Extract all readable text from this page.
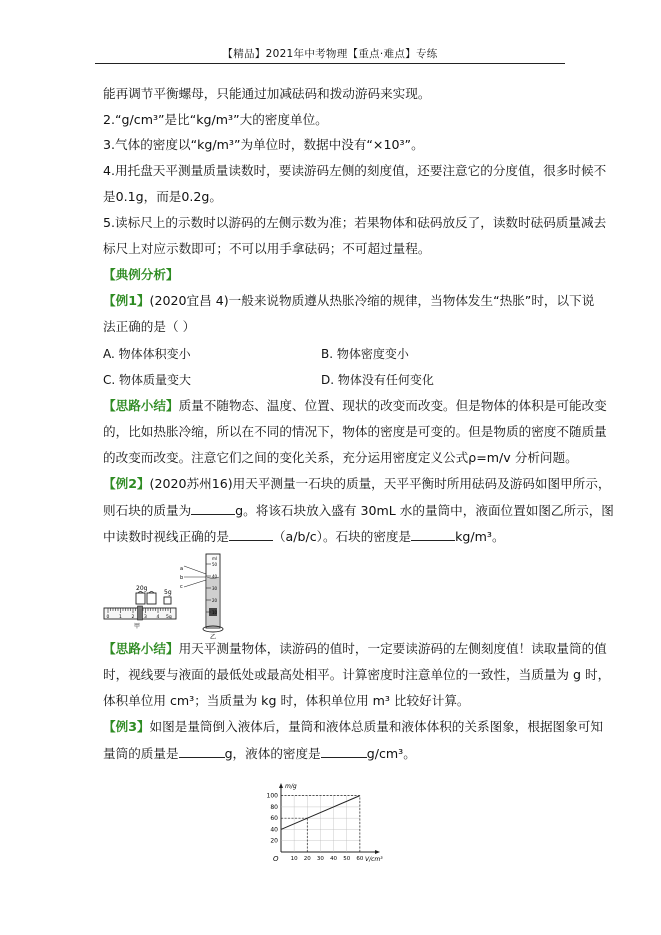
【精品】2021年中考物理【重点·难点】专练
能再调节平衡螺母，只能通过加减砝码和拨动游码来实现。
2.“g/cm³”是比“kg/m³”大的密度单位。
3.气体的密度以“kg/m³”为单位时，数据中没有“×10³”。
4.用托盘天平测量质量读数时，要读游码左侧的刻度值，还要注意它的分度值，很多时候不
是0.1g，而是0.2g。
5.读标尺上的示数时以游码的左侧示数为准；若果物体和砝码放反了，读数时砝码质量减去
标尺上对应示数即可；不可以用手拿砝码；不可超过量程。
【典例分析】
【例1】(2020宜昌 4)一般来说物质遵从热胀冷缩的规律，当物体发生“热胀”时，以下说
法正确的是（ ）
A. 物体体积变小	B. 物体密度变小
C. 物体质量变大	D. 物体没有任何变化
【思路小结】质量不随物态、温度、位置、现状的改变而改变。但是物体的体积是可能改变
的，比如热胀冷缩，所以在不同的情况下，物体的密度是可变的。但是物质的密度不随质量
的改变而改变。注意它们之间的变化关系，充分运用密度定义公式ρ=m/v 分析问题。
【例2】(2020苏州16)用天平测量一石块的质量，天平平衡时所用砝码及游码如图甲所示，
则石块的质量为	g。将该石块放入盛有 30mL 水的量筒中，液面位置如图乙所示，图
中读数时视线正确的是	（a/b/c）。石块的密度是	kg/m³。
20g
5g
0 1 2 3 4 5g
甲
a
b
c
ml
50
40
30
20
10
乙
【思路小结】用天平测量物体，读游码的值时，一定要读游码的左侧刻度值！读取量筒的值
时，视线要与液面的最低处或最高处相平。计算密度时注意单位的一致性，当质量为 g 时，
体积单位用 cm³；当质量为 kg 时，体积单位用 m³ 比较好计算。
【例3】如图是量筒倒入液体后，量筒和液体总质量和液体体积的关系图象，根据图象可知
量筒的质量是	g，液体的密度是	g/cm³。
m/g
V/cm³
O
20
40
60
80
100
10 20 30 40 50 60
